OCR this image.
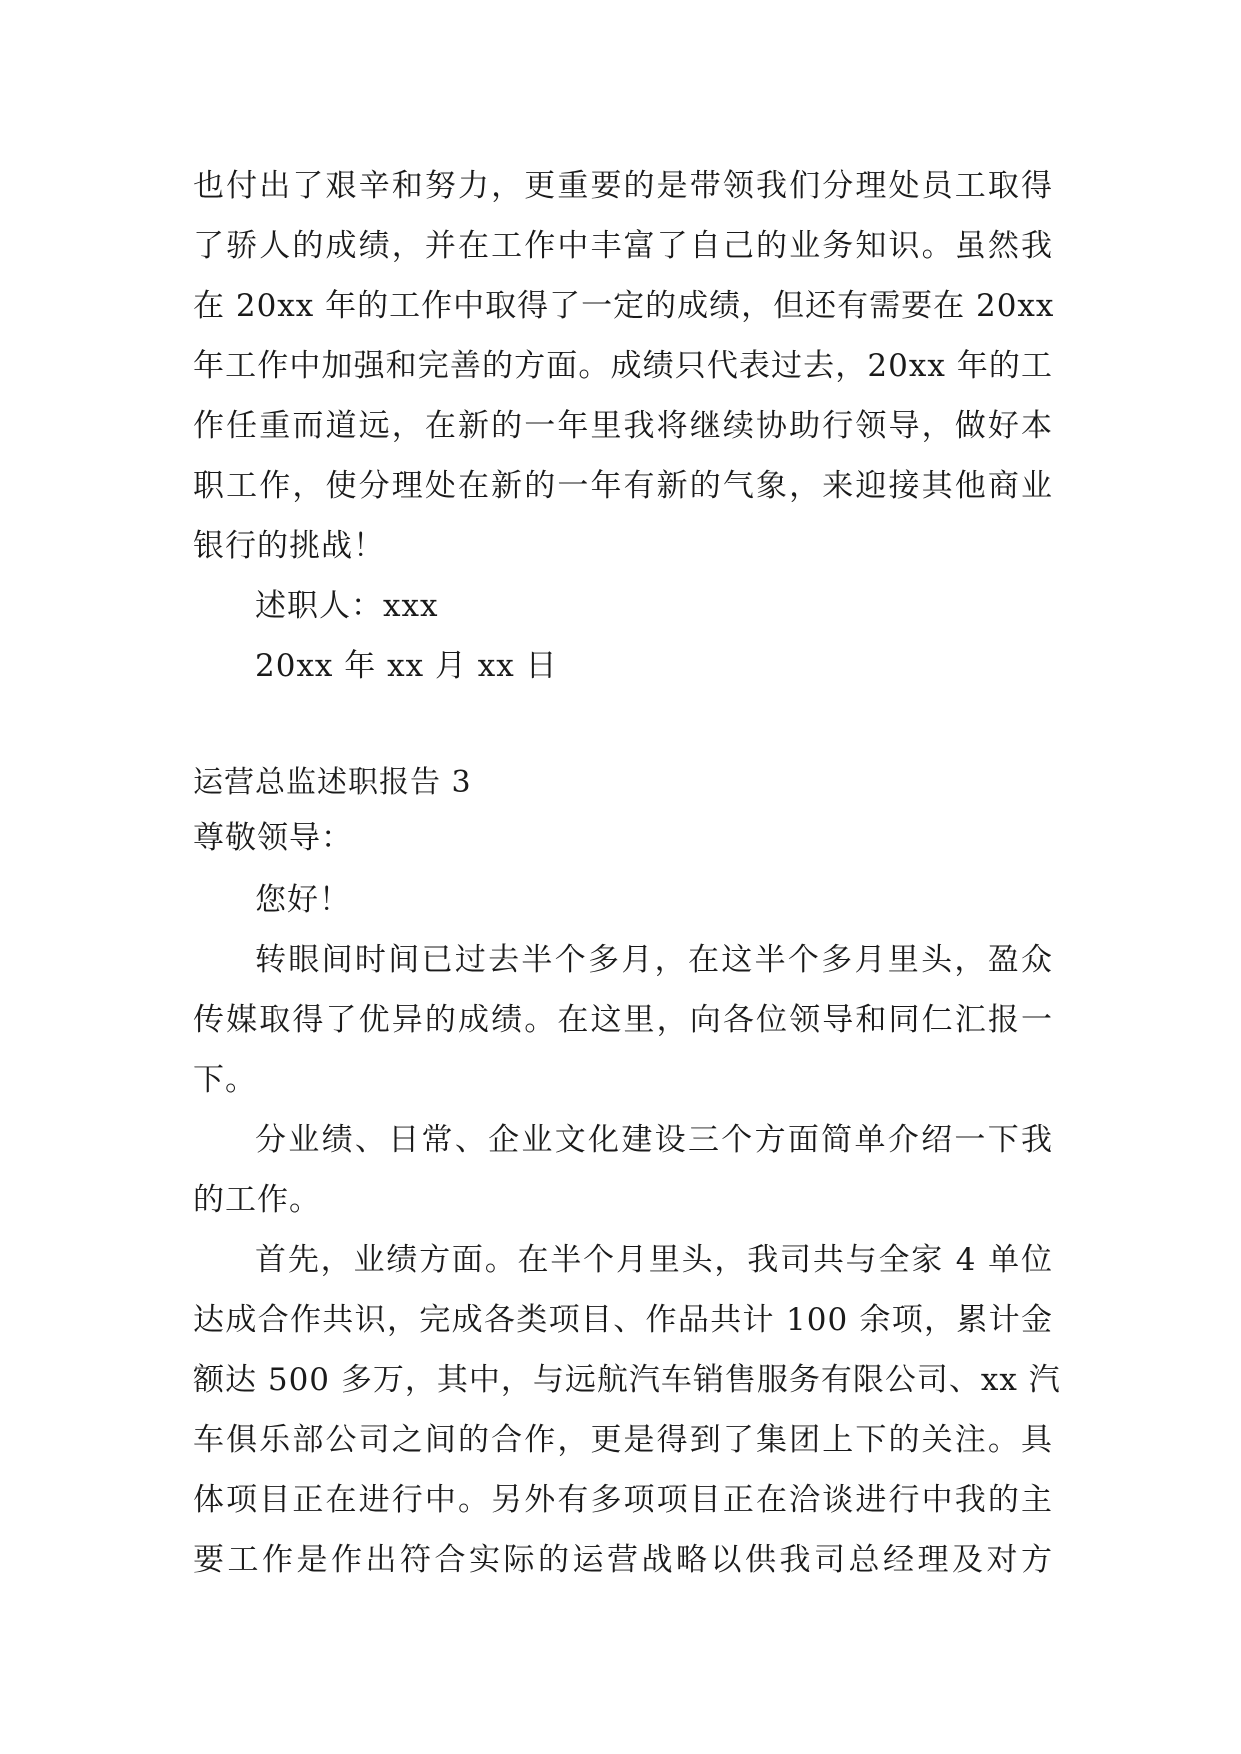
也付出了艰辛和努力，更重要的是带领我们分理处员工取得
了骄人的成绩，并在工作中丰富了自己的业务知识。虽然我
在 20xx 年的工作中取得了一定的成绩，但还有需要在 20xx
年工作中加强和完善的方面。成绩只代表过去，20xx 年的工
作任重而道远，在新的一年里我将继续协助行领导，做好本
职工作，使分理处在新的一年有新的气象，来迎接其他商业
银行的挑战！
述职人：xxx
20xx 年 xx 月 xx 日
运营总监述职报告 3
尊敬领导：
您好！
转眼间时间已过去半个多月，在这半个多月里头，盈众
传媒取得了优异的成绩。在这里，向各位领导和同仁汇报一
下。
分业绩、日常、企业文化建设三个方面简单介绍一下我
的工作。
首先，业绩方面。在半个月里头，我司共与全家 4 单位
达成合作共识，完成各类项目、作品共计 100 余项，累计金
额达 500 多万，其中，与远航汽车销售服务有限公司、xx 汽
车俱乐部公司之间的合作，更是得到了集团上下的关注。具
体项目正在进行中。另外有多项项目正在洽谈进行中我的主
要工作是作出符合实际的运营战略以供我司总经理及对方
